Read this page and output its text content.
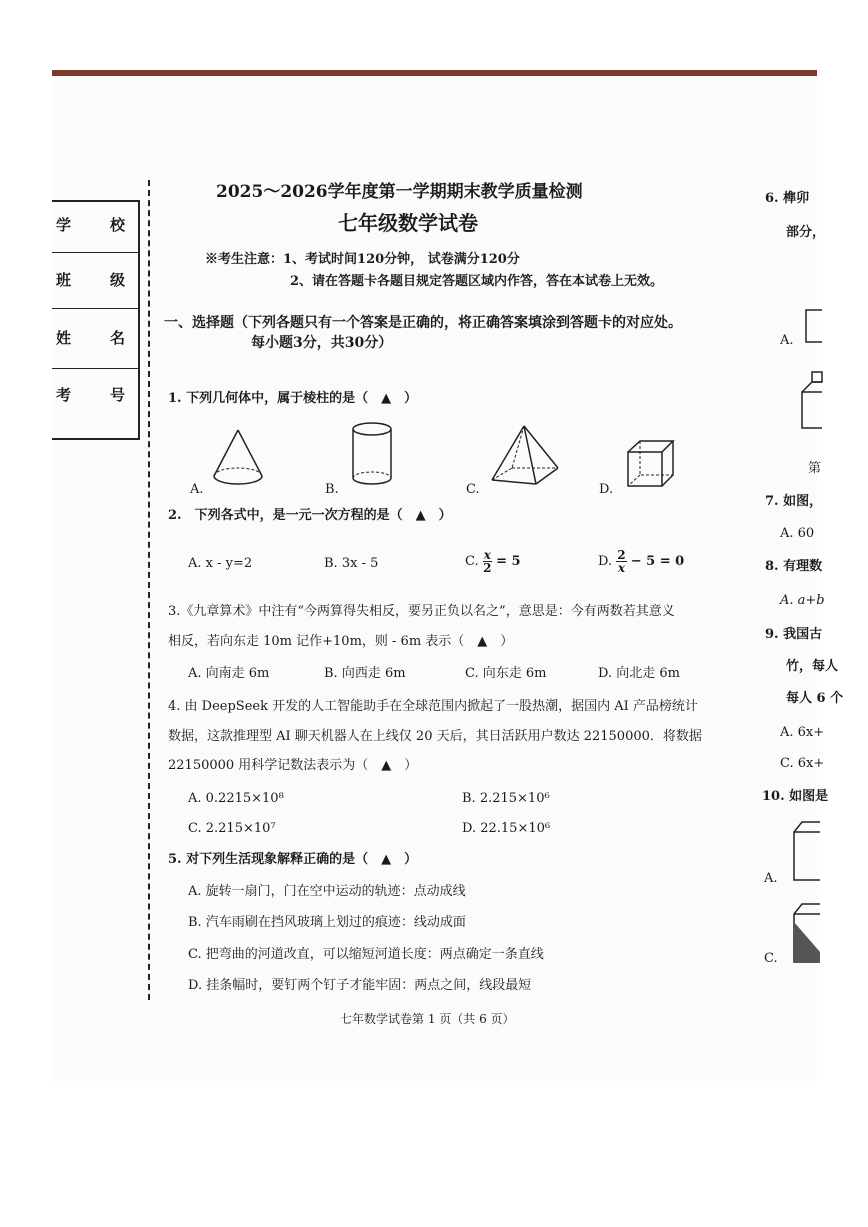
学　校
班　级
姓　名
考　号
2025～2026学年度第一学期期末教学质量检测
七年级数学试卷
※考生注意：1、考试时间120分钟， 试卷满分120分
2、请在答题卡各题目规定答题区域内作答，答在本试卷上无效。
一、选择题（下列各题只有一个答案是正确的，将正确答案填涂到答题卡的对应处。
每小题3分，共30分）
1. 下列几何体中，属于棱柱的是（　▲　）
A.	B.	C.	D.
2.　下列各式中，是一元一次方程的是（　▲　）
A. x - y=2	B. 3x - 5	C. $\frac{x}{2} = 5$	D. $\frac{2}{x} - 5 = 0$
3.《九章算术》中注有“今两算得失相反，要另正负以名之”，意思是：今有两数若其意义
相反，若向东走 10m 记作+10m，则 - 6m 表示（　▲　）
A. 向南走 6m	B. 向西走 6m	C. 向东走 6m	D. 向北走 6m
4. 由 DeepSeek 开发的人工智能助手在全球范围内掀起了一股热潮，据国内 AI 产品榜统计
数据，这款推理型 AI 聊天机器人在上线仅 20 天后，其日活跃用户数达 22150000．将数据
22150000 用科学记数法表示为（　▲　）
A. 0.2215×10⁸	B. 2.215×10⁶
C. 2.215×10⁷	D. 22.15×10⁶
5. 对下列生活现象解释正确的是（　▲　）
A. 旋转一扇门，门在空中运动的轨迹：点动成线
B. 汽车雨刷在挡风玻璃上划过的痕迹：线动成面
C. 把弯曲的河道改直，可以缩短河道长度：两点确定一条直线
D. 挂条幅时，要钉两个钉子才能牢固：两点之间，线段最短
七年数学试卷第 1 页（共 6 页）
6. 榫卯
部分，
A.
第
7. 如图，
A. 60
8. 有理数
A. a+b
9. 我国古
竹，每人
每人 6 个
A. 6x+
C. 6x+
10. 如图是
A.
C.
